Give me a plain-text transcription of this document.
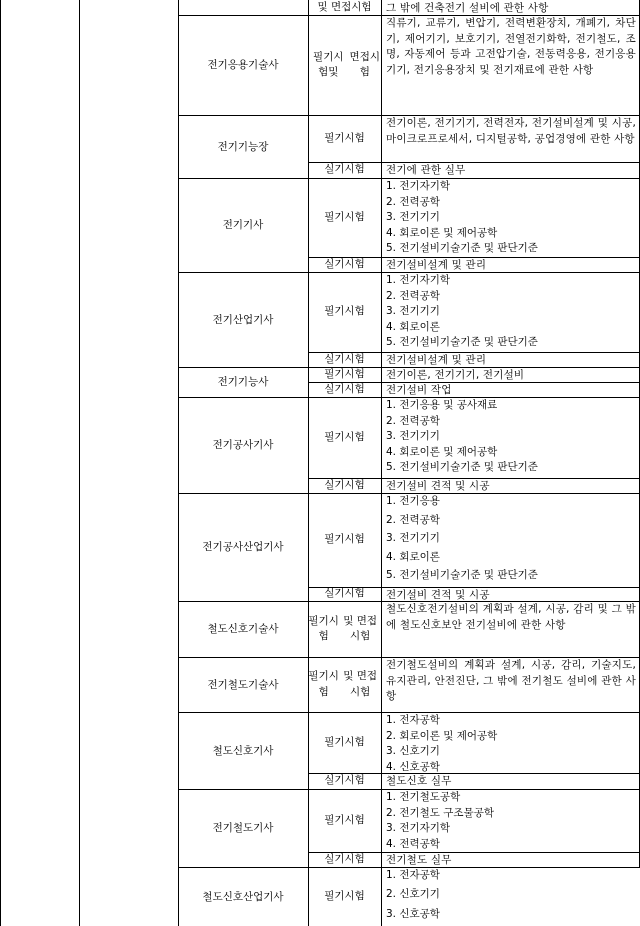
및 면접시험 그 밖에 건축전기 설비에 관한 사항
전기응용기술사
필기시험및
면접시험
직류기, 교류기, 변압기, 전력변환장치, 개폐기, 차단기, 제어기기, 보호기기, 전열전기화학, 전기철도, 조명, 자동제어 등과 고전압기술, 전동력응용, 전기응용기기, 전기응용장치 및 전기재료에 관한 사항
전기기능장
필기시험
전기이론, 전기기기, 전력전자, 전기설비설계 및 시공, 마이크로프로세서, 디지털공학, 공업경영에 관한 사항
실기시험 전기에 관한 실무
전기기사
필기시험
1. 전기자기학
2. 전력공학
3. 전기기기
4. 회로이론 및 제어공학
5. 전기설비기술기준 및 판단기준
실기시험 전기설비설계 및 관리
전기산업기사
필기시험
1. 전기자기학
2. 전력공학
3. 전기기기
4. 회로이론
5. 전기설비기술기준 및 판단기준
실기시험 전기설비설계 및 관리
전기기능사
필기시험 전기이론, 전기기기, 전기설비
실기시험 전기설비 작업
전기공사기사
필기시험
1. 전기응용 및 공사재료
2. 전력공학
3. 전기기기
4. 회로이론 및 제어공학
5. 전기설비기술기준 및 판단기준
실기시험 전기설비 견적 및 시공
전기공사산업기사
필기시험
1. 전기응용
2. 전력공학
3. 전기기기
4. 회로이론
5. 전기설비기술기준 및 판단기준
실기시험 전기설비 견적 및 시공
철도신호기술사
필기시험
및 면접시험
철도신호전기설비의 계획과 설계, 시공, 감리 및 그 밖에 철도신호보안 전기설비에 관한 사항
전기철도기술사
필기시험
및 면접시험
전기철도설비의 계획과 설계, 시공, 감리, 기술지도, 유지관리, 안전진단, 그 밖에 전기철도 설비에 관한 사항
철도신호기사
필기시험
1. 전자공학
2. 회로이론 및 제어공학
3. 신호기기
4. 신호공학
실기시험 철도신호 실무
전기철도기사
필기시험
1. 전기철도공학
2. 전기철도 구조물공학
3. 전기자기학
4. 전력공학
실기시험 전기철도 실무
철도신호산업기사	필기시험
1. 전자공학
2. 신호기기
3. 신호공학
